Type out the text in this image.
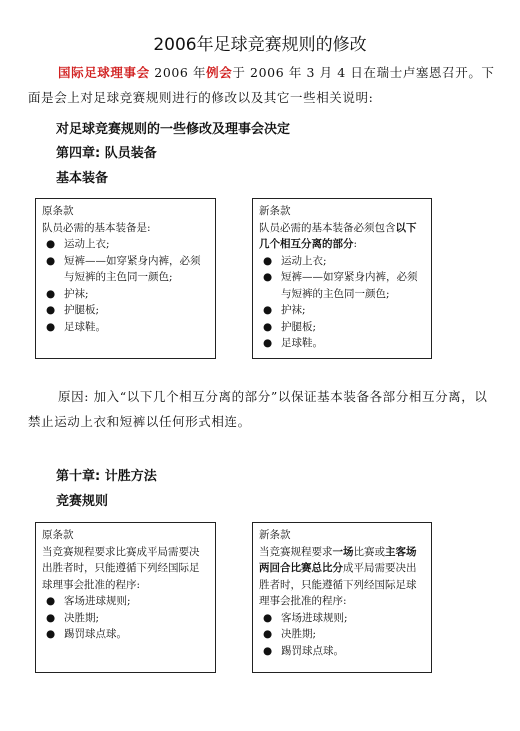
2006年足球竞赛规则的修改
国际足球理事会 2006 年例会于 2006 年 3 月 4 日在瑞士卢塞恩召开。下面是会上对足球竞赛规则进行的修改以及其它一些相关说明:
对足球竞赛规则的一些修改及理事会决定
第四章: 队员装备
基本装备
原条款
队员必需的基本装备是:
● 运动上衣;
● 短裤——如穿紧身内裤，必须与短裤的主色同一颜色;
● 护袜;
● 护腿板;
● 足球鞋。
新条款
队员必需的基本装备必须包含以下几个相互分离的部分:
● 运动上衣;
● 短裤——如穿紧身内裤，必须与短裤的主色同一颜色;
● 护袜;
● 护腿板;
● 足球鞋。
原因: 加入“以下几个相互分离的部分”以保证基本装备各部分相互分离，以禁止运动上衣和短裤以任何形式相连。
第十章: 计胜方法
竞赛规则
原条款
当竞赛规程要求比赛成平局需要决出胜者时，只能遵循下列经国际足球理事会批准的程序:
● 客场进球规则;
● 决胜期;
● 踢罚球点球。
新条款
当竞赛规程要求一场比赛或主客场两回合比赛总比分成平局需要决出胜者时，只能遵循下列经国际足球理事会批准的程序:
● 客场进球规则;
● 决胜期;
● 踢罚球点球。
